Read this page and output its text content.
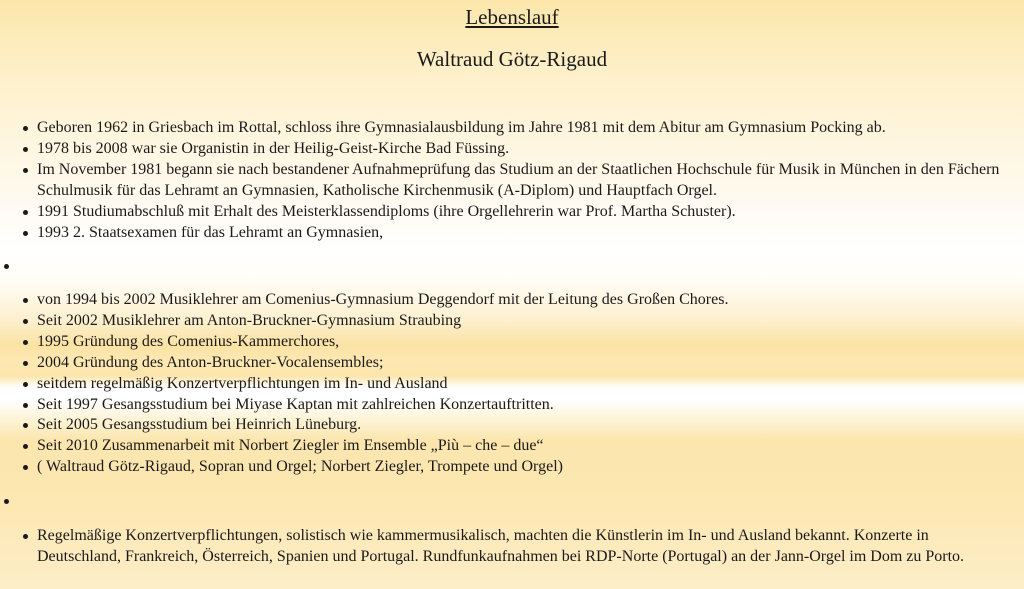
Lebenslauf
Waltraud Götz-Rigaud
Geboren 1962 in Griesbach im Rottal, schloss ihre Gymnasialausbildung im Jahre 1981 mit dem Abitur am Gymnasium Pocking ab.
1978 bis 2008 war sie Organistin in der Heilig-Geist-Kirche Bad Füssing.
Im November 1981 begann sie nach bestandener Aufnahmeprüfung das Studium an der Staatlichen Hochschule für Musik in München in den Fächern Schulmusik für das Lehramt an Gymnasien, Katholische Kirchenmusik (A-Diplom) und Hauptfach Orgel.
1991 Studiumabschluß mit Erhalt des Meisterklassendiploms (ihre Orgellehrerin war Prof. Martha Schuster).
1993 2. Staatsexamen für das Lehramt an Gymnasien,
von 1994 bis 2002 Musiklehrer am Comenius-Gymnasium Deggendorf mit der Leitung des Großen Chores.
Seit 2002 Musiklehrer am Anton-Bruckner-Gymnasium Straubing
1995 Gründung des Comenius-Kammerchores,
2004 Gründung des Anton-Bruckner-Vocalensembles;
seitdem regelmäßig Konzertverpflichtungen im In- und Ausland
Seit 1997 Gesangsstudium bei Miyase Kaptan mit zahlreichen Konzertauftritten.
Seit 2005 Gesangsstudium bei Heinrich Lüneburg.
Seit 2010 Zusammenarbeit mit Norbert Ziegler im Ensemble „Più – che – due“
( Waltraud Götz-Rigaud, Sopran und Orgel; Norbert Ziegler, Trompete und Orgel)
Regelmäßige Konzertverpflichtungen, solistisch wie kammermusikalisch, machten die Künstlerin im In- und Ausland bekannt. Konzerte in Deutschland, Frankreich, Österreich, Spanien und Portugal. Rundfunkaufnahmen bei RDP-Norte (Portugal) an der Jann-Orgel im Dom zu Porto.
